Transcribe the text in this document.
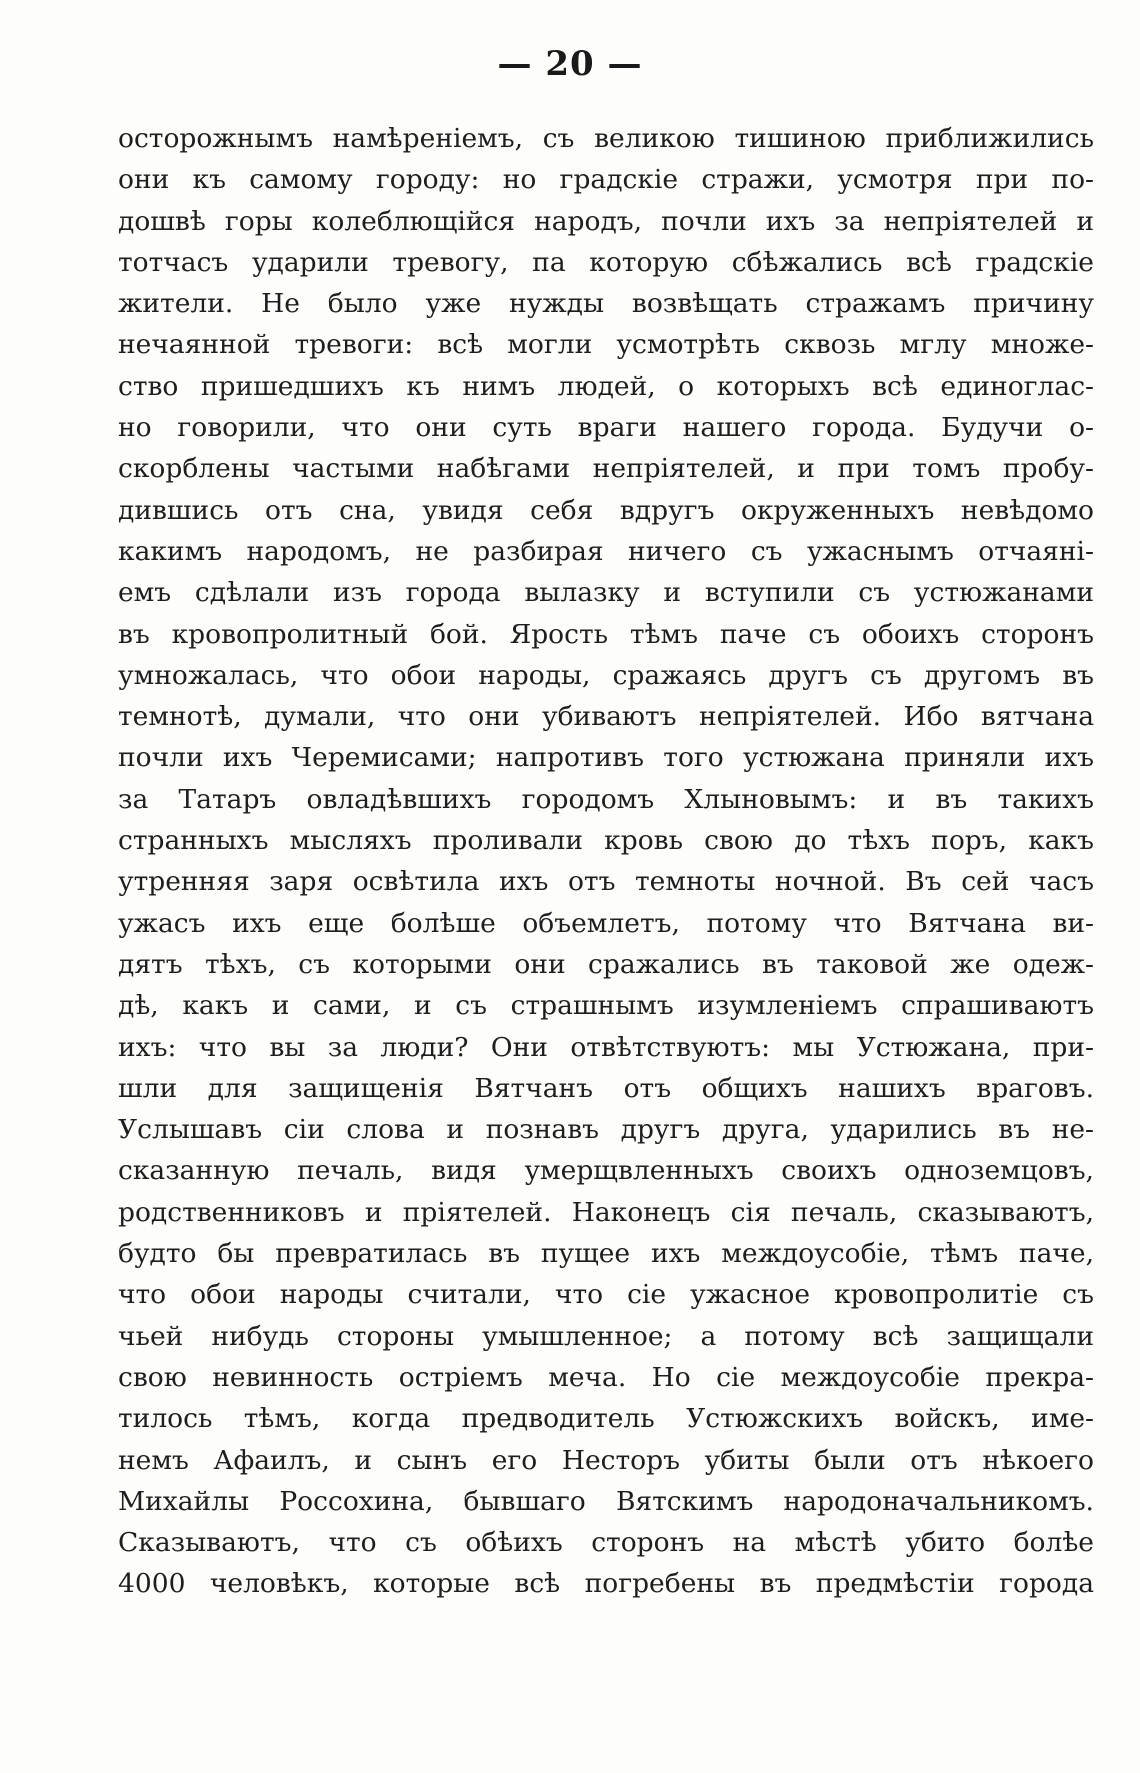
— 20 —
осторожнымъ намѣреніемъ, съ великою тишиною приближились
они къ самому городу: но градскіе стражи, усмотря при по-
дошвѣ горы колеблющійся народъ, почли ихъ за непріятелей и
тотчасъ ударили тревогу, па которую сбѣжались всѣ градскіе
жители. Не было уже нужды возвѣщать стражамъ причину
нечаянной тревоги: всѣ могли усмотрѣть сквозь мглу множе-
ство пришедшихъ къ нимъ людей, о которыхъ всѣ единоглас-
но говорили, что они суть враги нашего города. Будучи о-
скорблены частыми набѣгами непріятелей, и при томъ пробу-
дившись отъ сна, увидя себя вдругъ окруженныхъ невѣдомо
какимъ народомъ, не разбирая ничего съ ужаснымъ отчаяні-
емъ сдѣлали изъ города вылазку и вступили съ устюжанами
въ кровопролитный бой. Ярость тѣмъ паче съ обоихъ сторонъ
умножалась, что обои народы, сражаясь другъ съ другомъ въ
темнотѣ, думали, что они убиваютъ непріятелей. Ибо вятчана
почли ихъ Черемисами; напротивъ того устюжана приняли ихъ
за Татаръ овладѣвшихъ городомъ Хлыновымъ: и въ такихъ
странныхъ мысляхъ проливали кровь свою до тѣхъ поръ, какъ
утренняя заря освѣтила ихъ отъ темноты ночной. Въ сей часъ
ужасъ ихъ еще болѣше объемлетъ, потому что Вятчана ви-
дятъ тѣхъ, съ которыми они сражались въ таковой же одеж-
дѣ, какъ и сами, и съ страшнымъ изумленіемъ спрашиваютъ
ихъ: что вы за люди? Они отвѣтствуютъ: мы Устюжана, при-
шли для защищенія Вятчанъ отъ общихъ нашихъ враговъ.
Услышавъ сіи слова и познавъ другъ друга, ударились въ не-
сказанную печаль, видя умерщвленныхъ своихъ одноземцовъ,
родственниковъ и пріятелей. Наконецъ сія печаль, сказываютъ,
будто бы превратилась въ пущее ихъ междоусобіе, тѣмъ паче,
что обои народы считали, что сіе ужасное кровопролитіе съ
чьей нибудь стороны умышленное; а потому всѣ защищали
свою невинность остріемъ меча. Но сіе междоусобіе прекра-
тилось тѣмъ, когда предводитель Устюжскихъ войскъ, име-
немъ Афаилъ, и сынъ его Несторъ убиты были отъ нѣкоего
Михайлы Россохина, бывшаго Вятскимъ народоначальникомъ.
Сказываютъ, что съ обѣихъ сторонъ на мѣстѣ убито болѣе
4000 человѣкъ, которые всѣ погребены въ предмѣстіи города
